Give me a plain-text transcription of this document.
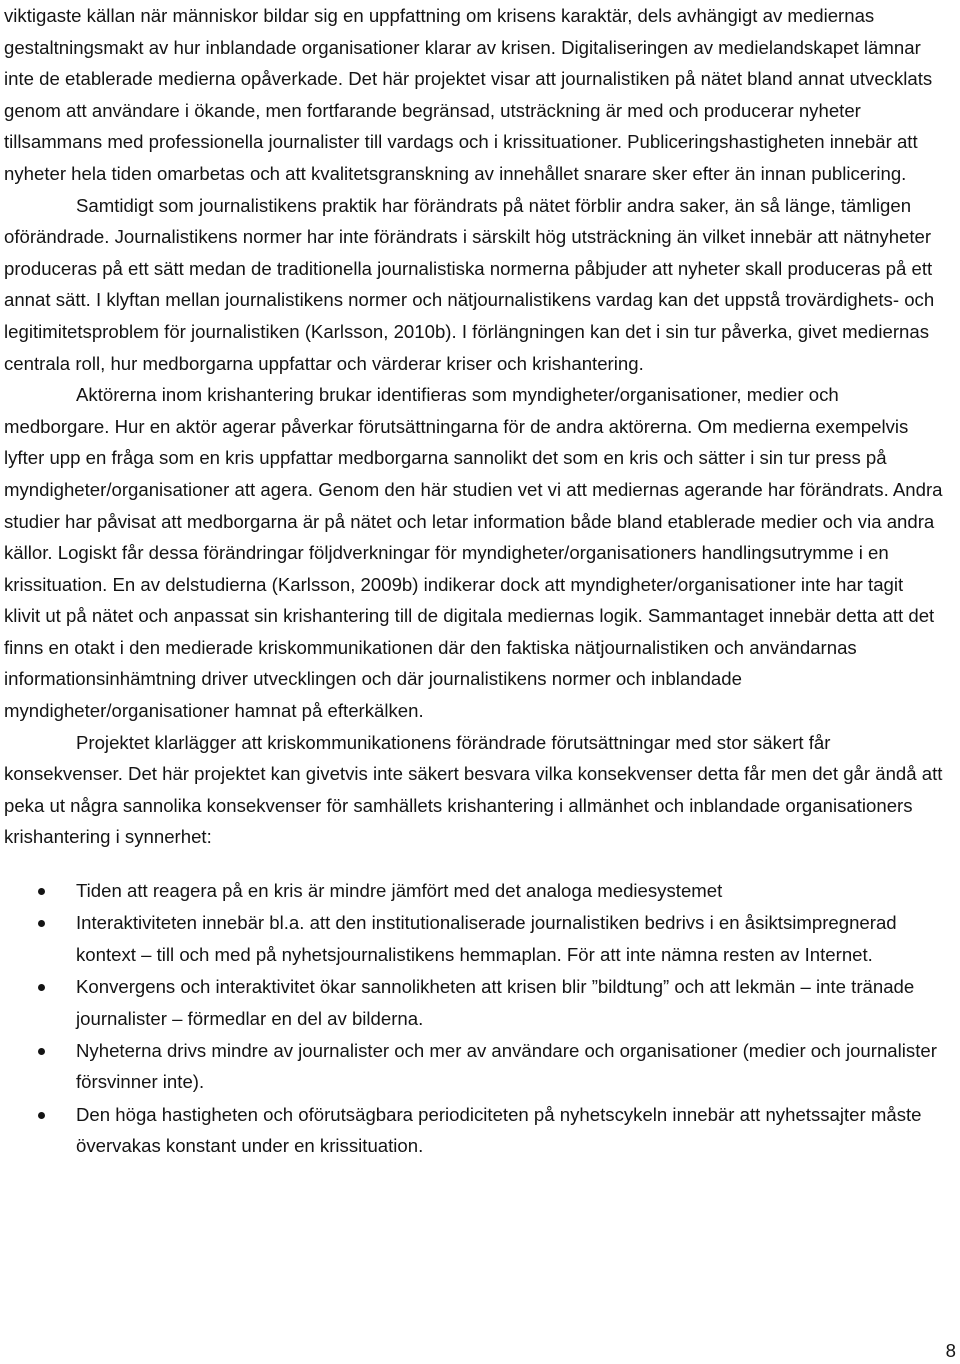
viktigaste källan när människor bildar sig en uppfattning om krisens karaktär, dels avhängigt av mediernas gestaltningsmakt av hur inblandade organisationer klarar av krisen. Digitaliseringen av medielandskapet lämnar inte de etablerade medierna opåverkade. Det här projektet visar att journalistiken på nätet bland annat utvecklats genom att användare i ökande, men fortfarande begränsad, utsträckning är med och producerar nyheter tillsammans med professionella journalister till vardags och i krissituationer. Publiceringshastigheten innebär att nyheter hela tiden omarbetas och att kvalitetsgranskning av innehållet snarare sker efter än innan publicering.

Samtidigt som journalistikens praktik har förändrats på nätet förblir andra saker, än så länge, tämligen oförändrade. Journalistikens normer har inte förändrats i särskilt hög utsträckning än vilket innebär att nätnyheter produceras på ett sätt medan de traditionella journalistiska normerna påbjuder att nyheter skall produceras på ett annat sätt. I klyftan mellan journalistikens normer och nätjournalistikens vardag kan det uppstå trovärdighets- och legitimitetsproblem för journalistiken (Karlsson, 2010b). I förlängningen kan det i sin tur påverka, givet mediernas centrala roll, hur medborgarna uppfattar och värderar kriser och krishantering.

Aktörerna inom krishantering brukar identifieras som myndigheter/organisationer, medier och medborgare. Hur en aktör agerar påverkar förutsättningarna för de andra aktörerna. Om medierna exempelvis lyfter upp en fråga som en kris uppfattar medborgarna sannolikt det som en kris och sätter i sin tur press på myndigheter/organisationer att agera. Genom den här studien vet vi att mediernas agerande har förändrats. Andra studier har påvisat att medborgarna är på nätet och letar information både bland etablerade medier och via andra källor. Logiskt får dessa förändringar följdverkningar för myndigheter/organisationers handlingsutrymme i en krissituation. En av delstudierna (Karlsson, 2009b) indikerar dock att myndigheter/organisationer inte har tagit klivit ut på nätet och anpassat sin krishantering till de digitala mediernas logik. Sammantaget innebär detta att det finns en otakt i den medierade kriskommunikationen där den faktiska nätjournalistiken och användarnas informationsinhämtning driver utvecklingen och där journalistikens normer och inblandade myndigheter/organisationer hamnat på efterkälken.

Projektet klarlägger att kriskommunikationens förändrade förutsättningar med stor säkert får konsekvenser. Det här projektet kan givetvis inte säkert besvara vilka konsekvenser detta får men det går ändå att peka ut några sannolika konsekvenser för samhällets krishantering i allmänhet och inblandade organisationers krishantering i synnerhet:

Tiden att reagera på en kris är mindre jämfört med det analoga mediesystemet
Interaktiviteten innebär bl.a. att den institutionaliserade journalistiken bedrivs i en åsiktsimpregnerad kontext – till och med på nyhetsjournalistikens hemmaplan. För att inte nämna resten av Internet.
Konvergens och interaktivitet ökar sannolikheten att krisen blir ”bildtung” och att lekmän – inte tränade journalister – förmedlar en del av bilderna.
Nyheterna drivs mindre av journalister och mer av användare och organisationer (medier och journalister försvinner inte).
Den höga hastigheten och oförutsägbara periodiciteten på nyhetscykeln innebär att nyhetssajter måste övervakas konstant under en krissituation.
8
